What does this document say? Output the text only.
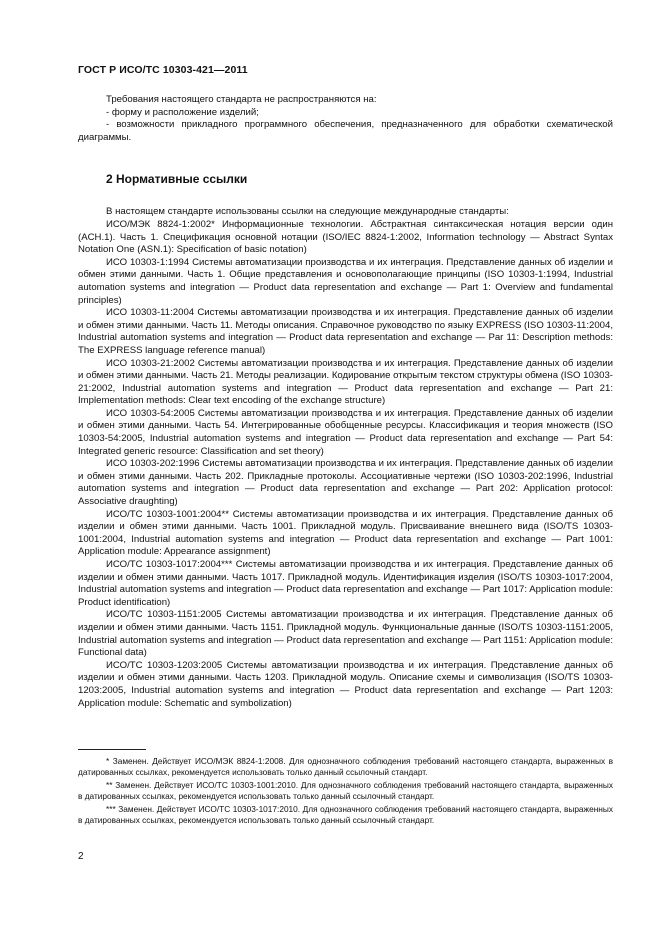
ГОСТ Р ИСО/ТС 10303-421—2011

Требования настоящего стандарта не распространяются на:

- форму и расположение изделий;

- возможности прикладного программного обеспечения, предназначенного для обработки схематической диаграммы.

2 Нормативные ссылки

В настоящем стандарте использованы ссылки на следующие международные стандарты:

ИСО/МЭК 8824-1:2002* Информационные технологии. Абстрактная синтаксическая нотация версии один (ACH.1). Часть 1. Спецификация основной нотации (ISO/IEC 8824-1:2002, Information technology — Abstract Syntax Notation One (ASN.1): Specification of basic notation)

ИСО 10303-1:1994 Системы автоматизации производства и их интеграция. Представление данных об изделии и обмен этими данными. Часть 1. Общие представления и основополагающие принципы (ISO 10303-1:1994, Industrial automation systems and integration — Product data representation and exchange — Part 1: Overview and fundamental principles)

ИСО 10303-11:2004 Системы автоматизации производства и их интеграция. Представление данных об изделии и обмен этими данными. Часть 11. Методы описания. Справочное руководство по языку EXPRESS (ISO 10303-11:2004, Industrial automation systems and integration — Product data representation and exchange — Par 11: Description methods: The EXPRESS language reference manual)

ИСО 10303-21:2002 Системы автоматизации производства и их интеграция. Представление данных об изделии и обмен этими данными. Часть 21. Методы реализации. Кодирование открытым текстом структуры обмена (ISO 10303-21:2002, Industrial automation systems and integration — Product data representation and exchange — Part 21: Implementation methods: Clear text encoding of the exchange structure)

ИСО 10303-54:2005 Системы автоматизации производства и их интеграция. Представление данных об изделии и обмен этими данными. Часть 54. Интегрированные обобщенные ресурсы. Классификация и теория множеств (ISO 10303-54:2005, Industrial automation systems and integration — Product data representation and exchange — Part 54: Integrated generic resource: Classification and set theory)

ИСО 10303-202:1996 Системы автоматизации производства и их интеграция. Представление данных об изделии и обмен этими данными. Часть 202. Прикладные протоколы. Ассоциативные чертежи (ISO 10303-202:1996, Industrial automation systems and integration — Product data representation and exchange — Part 202: Application protocol: Associative draughting)

ИСО/ТС 10303-1001:2004** Системы автоматизации производства и их интеграция. Представление данных об изделии и обмен этими данными. Часть 1001. Прикладной модуль. Присваивание внешнего вида (ISO/TS 10303-1001:2004, Industrial automation systems and integration — Product data representation and exchange — Part 1001: Application module: Appearance assignment)

ИСО/ТС 10303-1017:2004*** Системы автоматизации производства и их интеграция. Представление данных об изделии и обмен этими данными. Часть 1017. Прикладной модуль. Идентификация изделия (ISO/TS 10303-1017:2004, Industrial automation systems and integration — Product data representation and exchange — Part 1017: Application module: Product identification)

ИСО/ТС 10303-1151:2005 Системы автоматизации производства и их интеграция. Представление данных об изделии и обмен этими данными. Часть 1151. Прикладной модуль. Функциональные данные (ISO/TS 10303-1151:2005, Industrial automation systems and integration — Product data representation and exchange — Part 1151: Application module: Functional data)

ИСО/ТС 10303-1203:2005 Системы автоматизации производства и их интеграция. Представление данных об изделии и обмен этими данными. Часть 1203. Прикладной модуль. Описание схемы и символизация (ISO/TS 10303-1203:2005, Industrial automation systems and integration — Product data representation and exchange — Part 1203: Application module: Schematic and symbolization)

* Заменен. Действует ИСО/МЭК 8824-1:2008. Для однозначного соблюдения требований настоящего стандарта, выраженных в датированных ссылках, рекомендуется использовать только данный ссылочный стандарт.

** Заменен. Действует ИСО/ТС 10303-1001:2010. Для однозначного соблюдения требований настоящего стандарта, выраженных в датированных ссылках, рекомендуется использовать только данный ссылочный стандарт.

*** Заменен. Действует ИСО/ТС 10303-1017:2010. Для однозначного соблюдения требований настоящего стандарта, выраженных в датированных ссылках, рекомендуется использовать только данный ссылочный стандарт.

2
